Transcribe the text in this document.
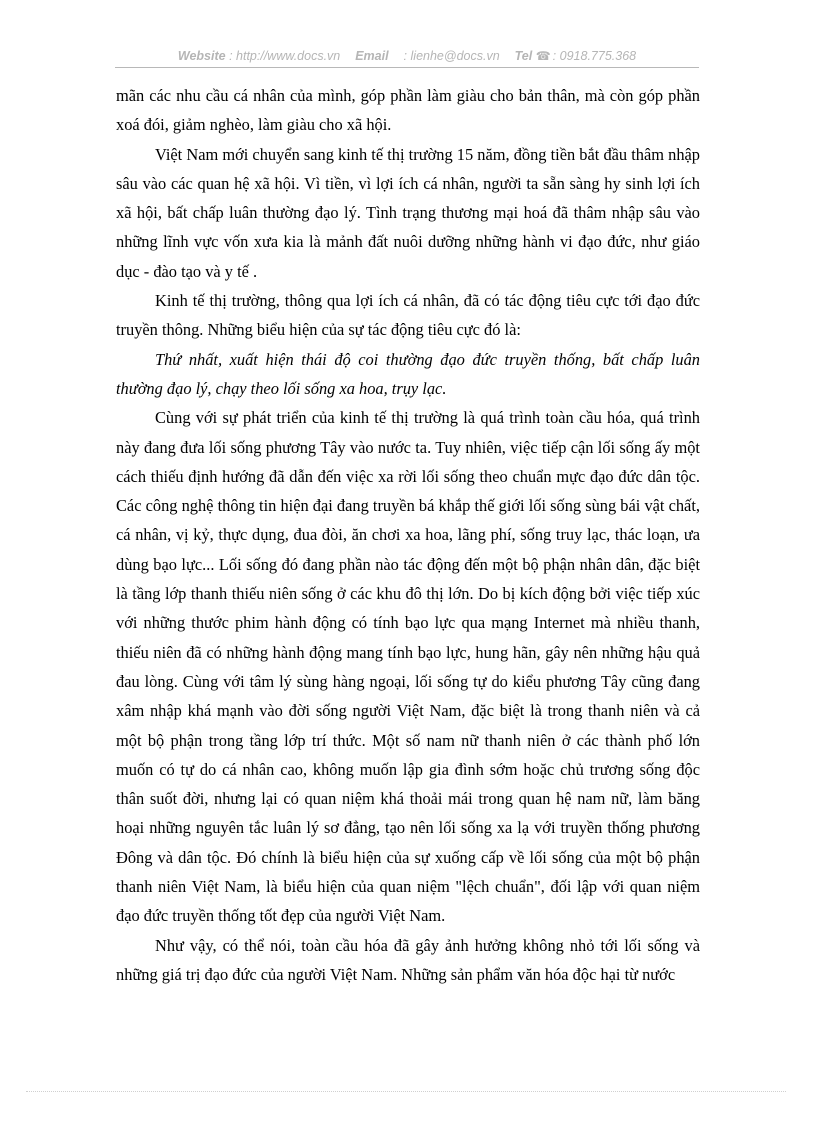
Website : http://www.docs.vn Email : lienhe@docs.vn Tel ☎ : 0918.775.368

mãn các nhu cầu cá nhân của mình, góp phần làm giàu cho bản thân, mà còn góp phần xoá đói, giảm nghèo, làm giàu cho xã hội.

Việt Nam mới chuyển sang kinh tế thị trường 15 năm, đồng tiền bắt đầu thâm nhập sâu vào các quan hệ xã hội. Vì tiền, vì lợi ích cá nhân, người ta sẵn sàng hy sinh lợi ích xã hội, bất chấp luân thường đạo lý. Tình trạng thương mại hoá đã thâm nhập sâu vào những lĩnh vực vốn xưa kia là mảnh đất nuôi dưỡng những hành vi đạo đức, như giáo dục - đào tạo và y tế .

Kinh tế thị trường, thông qua lợi ích cá nhân, đã có tác động tiêu cực tới đạo đức truyền thông. Những biểu hiện của sự tác động tiêu cực đó là:

Thứ nhất, xuất hiện thái độ coi thường đạo đức truyền thống, bất chấp luân thường đạo lý, chạy theo lối sống xa hoa, trụy lạc.

Cùng với sự phát triển của kinh tế thị trường là quá trình toàn cầu hóa, quá trình này đang đưa lối sống phương Tây vào nước ta. Tuy nhiên, việc tiếp cận lối sống ấy một cách thiếu định hướng đã dẫn đến việc xa rời lối sống theo chuẩn mực đạo đức dân tộc. Các công nghệ thông tin hiện đại đang truyền bá khắp thế giới lối sống sùng bái vật chất, cá nhân, vị kỷ, thực dụng, đua đòi, ăn chơi xa hoa, lãng phí, sống truy lạc, thác loạn, ưa dùng bạo lực... Lối sống đó đang phần nào tác động đến một bộ phận nhân dân, đặc biệt là tầng lớp thanh thiếu niên sống ở các khu đô thị lớn. Do bị kích động bởi việc tiếp xúc với những thước phim hành động có tính bạo lực qua mạng Internet mà nhiều thanh, thiếu niên đã có những hành động mang tính bạo lực, hung hãn, gây nên những hậu quả đau lòng. Cùng với tâm lý sùng hàng ngoại, lối sống tự do kiểu phương Tây cũng đang xâm nhập khá mạnh vào đời sống người Việt Nam, đặc biệt là trong thanh niên và cả một bộ phận trong tầng lớp trí thức. Một số nam nữ thanh niên ở các thành phố lớn muốn có tự do cá nhân cao, không muốn lập gia đình sớm hoặc chủ trương sống độc thân suốt đời, nhưng lại có quan niệm khá thoải mái trong quan hệ nam nữ, làm băng hoại những nguyên tắc luân lý sơ đẳng, tạo nên lối sống xa lạ với truyền thống phương Đông và dân tộc. Đó chính là biểu hiện của sự xuống cấp về lối sống của một bộ phận thanh niên Việt Nam, là biểu hiện của quan niệm "lệch chuẩn", đối lập với quan niệm đạo đức truyền thống tốt đẹp của người Việt Nam.

Như vậy, có thể nói, toàn cầu hóa đã gây ảnh hưởng không nhỏ tới lối sống và những giá trị đạo đức của người Việt Nam. Những sản phẩm văn hóa độc hại từ nước
